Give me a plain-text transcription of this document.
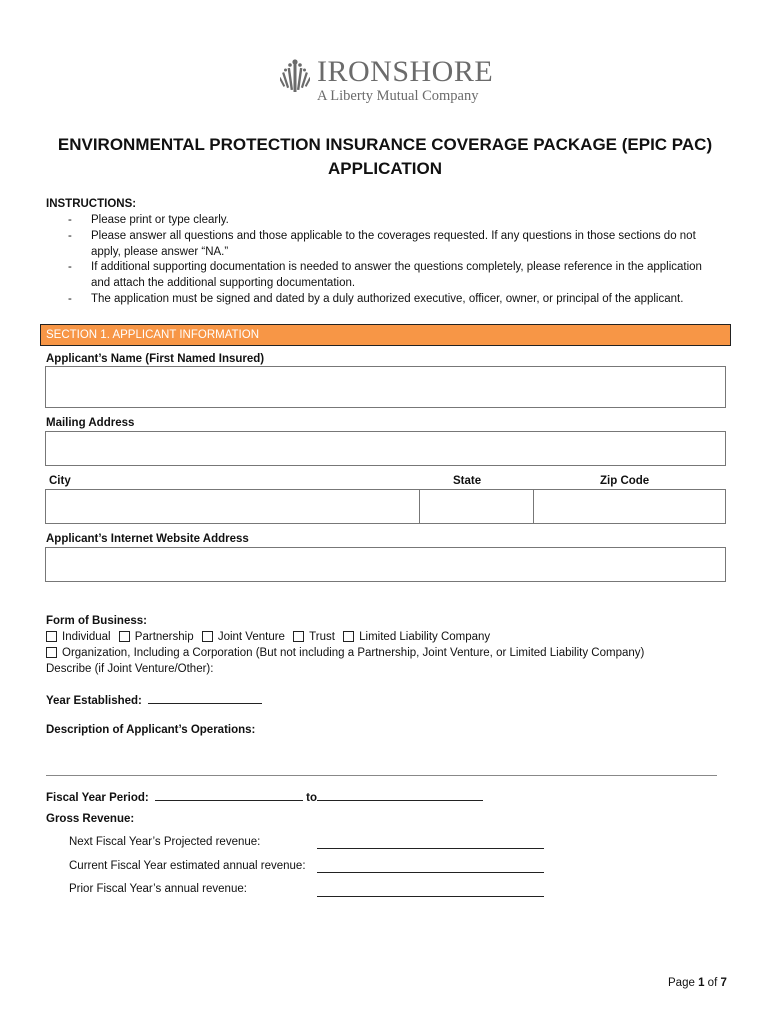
IRONSHORE
A Liberty Mutual Company
ENVIRONMENTAL PROTECTION INSURANCE COVERAGE PACKAGE (EPIC PAC)
APPLICATION
INSTRUCTIONS:
- Please print or type clearly.
- Please answer all questions and those applicable to the coverages requested. If any questions in those sections do not
apply, please answer “NA.”
- If additional supporting documentation is needed to answer the questions completely, please reference in the application
and attach the additional supporting documentation.
- The application must be signed and dated by a duly authorized executive, officer, owner, or principal of the applicant.
SECTION 1. APPLICANT INFORMATION
Applicant’s Name (First Named Insured)
Mailing Address
City	State	Zip Code
Applicant’s Internet Website Address
Form of Business:
Individual Partnership Joint Venture Trust Limited Liability Company
Organization, Including a Corporation (But not including a Partnership, Joint Venture, or Limited Liability Company)
Describe (if Joint Venture/Other):
Year Established:
Description of Applicant’s Operations:
Fiscal Year Period:	to
Gross Revenue:
Next Fiscal Year’s Projected revenue:
Current Fiscal Year estimated annual revenue:
Prior Fiscal Year’s annual revenue:
Page 1 of 7
